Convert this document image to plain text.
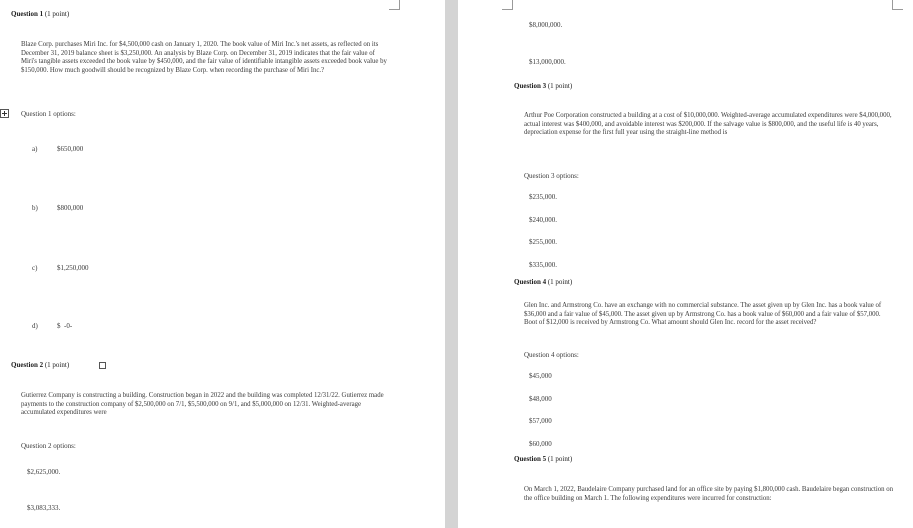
Question 1 (1 point)
Blaze Corp. purchases Miri Inc. for $4,500,000 cash on January 1, 2020. The book value of Miri Inc.'s net assets, as reflected on its December 31, 2019 balance sheet is $3,250,000. An analysis by Blaze Corp. on December 31, 2019 indicates that the fair value of Miri's tangible assets exceeded the book value by $450,000, and the fair value of identifiable intangible assets exceeded book value by $150,000. How much goodwill should be recognized by Blaze Corp. when recording the purchase of Miri Inc.?
Question 1 options:
a)	$650,000
b)	$800,000
c)	$1,250,000
d)	$  -0-
Question 2 (1 point)
Gutierrez Company is constructing a building. Construction began in 2022 and the building was completed 12/31/22. Gutierrez made payments to the construction company of $2,500,000 on 7/1, $5,500,000 on 9/1, and $5,000,000 on 12/31. Weighted-average accumulated expenditures were
Question 2 options:
$2,625,000.
$3,083,333.
$8,000,000.
$13,000,000.
Question 3 (1 point)
Arthur Poe Corporation constructed a building at a cost of $10,000,000. Weighted-average accumulated expenditures were $4,000,000, actual interest was $400,000, and avoidable interest was $200,000. If the salvage value is $800,000, and the useful life is 40 years, depreciation expense for the first full year using the straight-line method is
Question 3 options:
$235,000.
$240,000.
$255,000.
$335,000.
Question 4 (1 point)
Glen Inc. and Armstrong Co. have an exchange with no commercial substance. The asset given up by Glen Inc. has a book value of $36,000 and a fair value of $45,000. The asset given up by Armstrong Co. has a book value of $60,000 and a fair value of $57,000. Boot of $12,000 is received by Armstrong Co. What amount should Glen Inc. record for the asset received?
Question 4 options:
$45,000
$48,000
$57,000
$60,000
Question 5 (1 point)
On March 1, 2022, Baudelaire Company purchased land for an office site by paying $1,800,000 cash. Baudelaire began construction on the office building on March 1. The following expenditures were incurred for construction:
